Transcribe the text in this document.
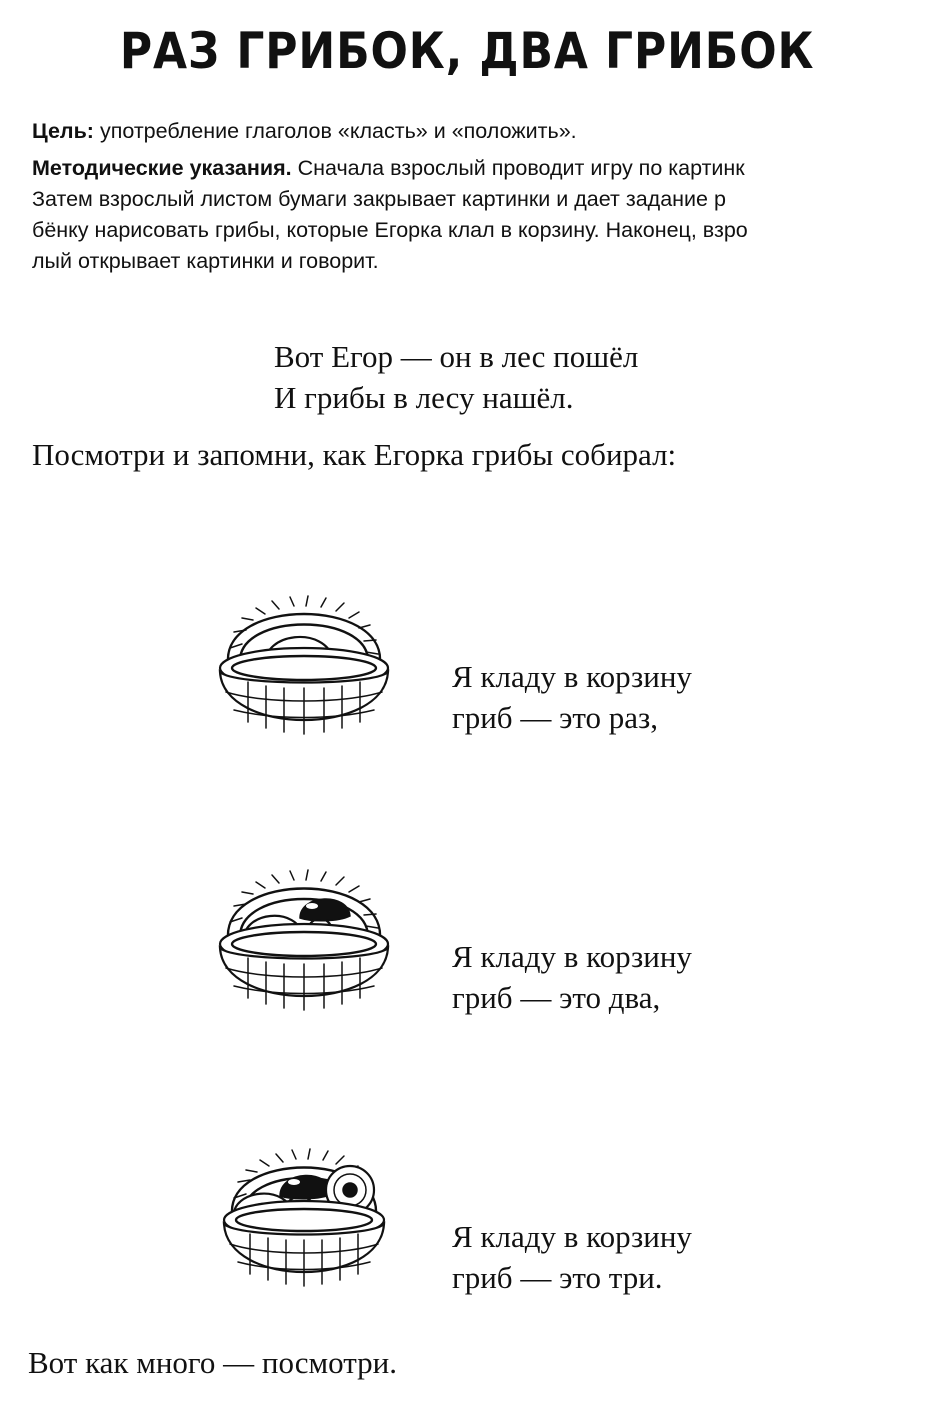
РАЗ ГРИБОК, ДВА ГРИБОК

Цель: употребление глаголов «класть» и «положить».

Методические указания. Сначала взрослый проводит игру по картинк
Затем взрослый листом бумаги закрывает картинки и дает задание р
бёнку нарисовать грибы, которые Егорка клал в корзину. Наконец, взро
лый открывает картинки и говорит.

Вот Егор — он в лес пошёл
И грибы в лесу нашёл.
Посмотри и запомни, как Егорка грибы собирал:
Я кладу в корзину
гриб — это раз,
Я кладу в корзину
гриб — это два,
Я кладу в корзину
гриб — это три.
Вот как много — посмотри.
